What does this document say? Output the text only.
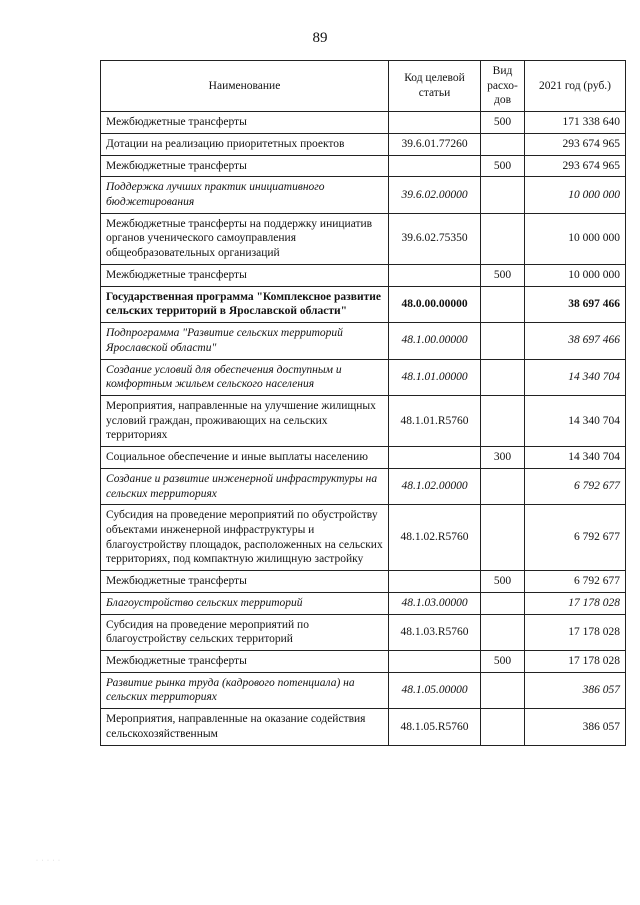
89
Наименование	Код целевой статьи	Вид расхо-дов	2021 год (руб.)
Межбюджетные трансферты		500	171 338 640
Дотации на реализацию приоритетных проектов	39.6.01.77260		293 674 965
Межбюджетные трансферты		500	293 674 965
Поддержка лучших практик инициативного бюджетирования	39.6.02.00000		10 000 000
Межбюджетные трансферты на поддержку инициатив органов ученического самоуправления общеобразовательных организаций	39.6.02.75350		10 000 000
Межбюджетные трансферты		500	10 000 000
Государственная программа "Комплексное развитие сельских территорий в Ярославской области"	48.0.00.00000		38 697 466
Подпрограмма "Развитие сельских территорий Ярославской области"	48.1.00.00000		38 697 466
Создание условий для обеспечения доступным и комфортным жильем сельского населения	48.1.01.00000		14 340 704
Мероприятия, направленные на улучшение жилищных условий граждан, проживающих на сельских территориях	48.1.01.R5760		14 340 704
Социальное обеспечение и иные выплаты населению		300	14 340 704
Создание и развитие инженерной инфраструктуры на сельских территориях	48.1.02.00000		6 792 677
Субсидия на проведение мероприятий по обустройству объектами инженерной инфраструктуры и благоустройству площадок, расположенных на сельских территориях, под компактную жилищную застройку	48.1.02.R5760		6 792 677
Межбюджетные трансферты		500	6 792 677
Благоустройство сельских территорий	48.1.03.00000		17 178 028
Субсидия на проведение мероприятий по благоустройству сельских территорий	48.1.03.R5760		17 178 028
Межбюджетные трансферты		500	17 178 028
Развитие рынка труда (кадрового потенциала) на сельских территориях	48.1.05.00000		386 057
Мероприятия, направленные на оказание содействия сельскохозяйственным	48.1.05.R5760		386 057
· · · · ·
